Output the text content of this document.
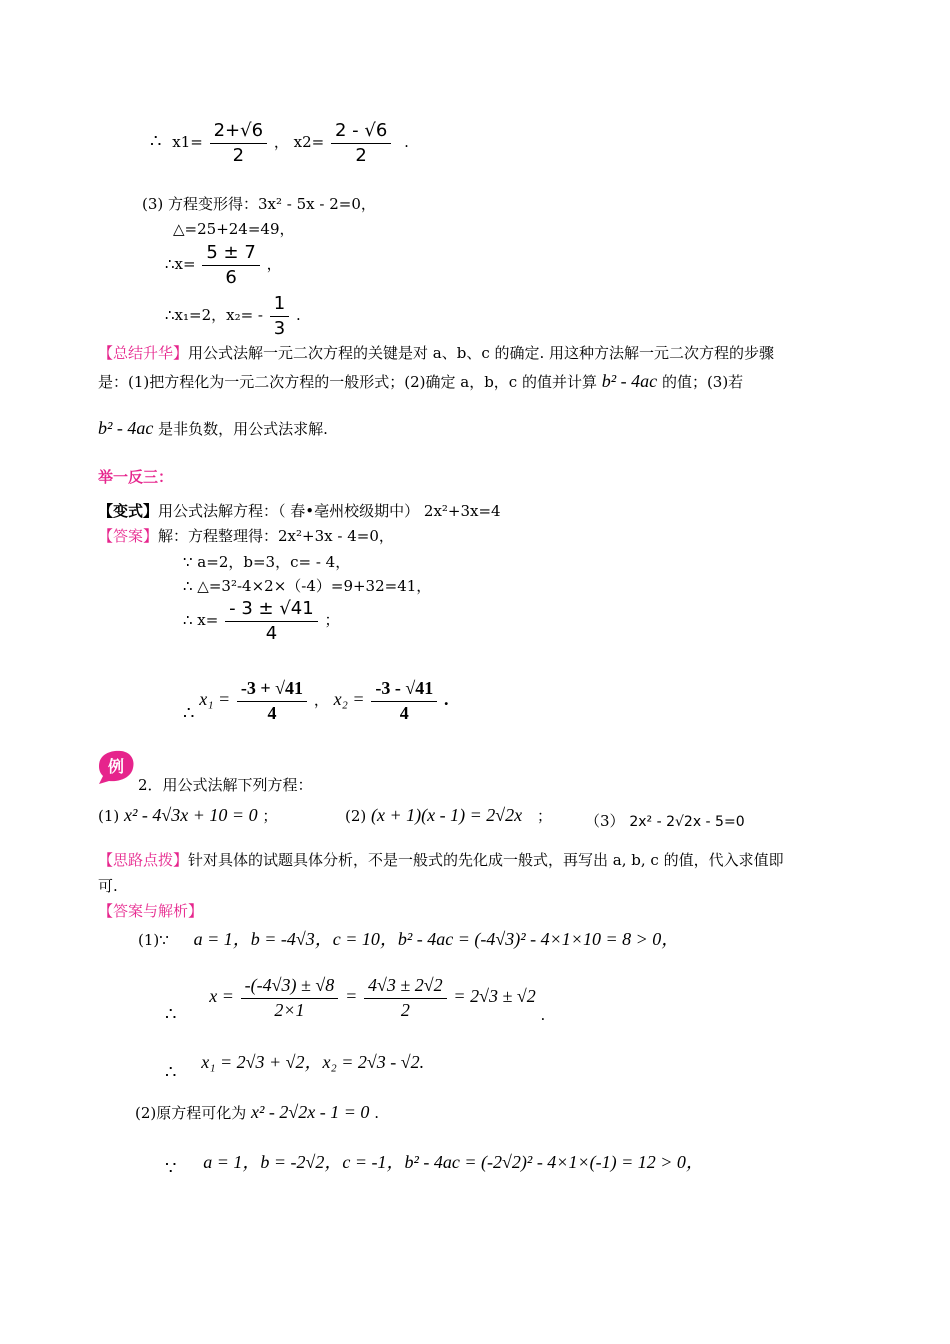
∴ $x1= \frac{2+√6}{2}$ ， $x2= \frac{2 - √6}{2}$ .
(3) 方程变形得：3x² - 5x - 2=0，
△=25+24=49，
∴x= $\frac{5 \pm 7}{6}$ ，
∴x₁=2，$x_2= - \frac{1}{3}$ .
【总结升华】用公式法解一元二次方程的关键是对 a、b、c 的确定. 用这种方法解一元二次方程的步骤
是：(1)把方程化为一元二次方程的一般形式；(2)确定 a，b，c 的值并计算 b² - 4ac 的值；(3)若
b² - 4ac 是非负数，用公式法求解.
举一反三：
【变式】用公式法解方程：（ 春•亳州校级期中） 2x²+3x=4
【答案】解：方程整理得：2x²+3x - 4=0，
∵ a=2，b=3，c= - 4，
∴ △=3²-4×2×（-4）=9+32=41，
∴ $x= \frac{- 3 \pm √41}{4}$ ；
∴ $x_1 = \frac{-3 + √41}{4}$ ， $x_2 = \frac{-3 - √41}{4}$ .
例
2．用公式法解下列方程：
(1) x² - 4√3x + 10 = 0 ；	(2) (x + 1)(x - 1) = 2√2x ； （3） 2x² - 2√2x - 5=0
【思路点拨】针对具体的试题具体分析，不是一般式的先化成一般式，再写出 a, b, c 的值，代入求值即
可.
【答案与解析】
(1)∵ a = 1，b = -4√3，c = 10，b² - 4ac = (-4√3)² - 4×1×10 = 8 > 0，
∴ $x = \frac{-(-4√3) \pm √8}{2\times 1} = \frac{4√3 \pm 2√2}{2} = 2√3 \pm √2$ .
∴ x₁ = 2√3 + √2，x₂ = 2√3 - √2.
(2)原方程可化为 x² - 2√2x - 1 = 0 .
∵ a = 1，b = -2√2，c = -1，b² - 4ac = (-2√2)² - 4×1×(-1) = 12 > 0，
